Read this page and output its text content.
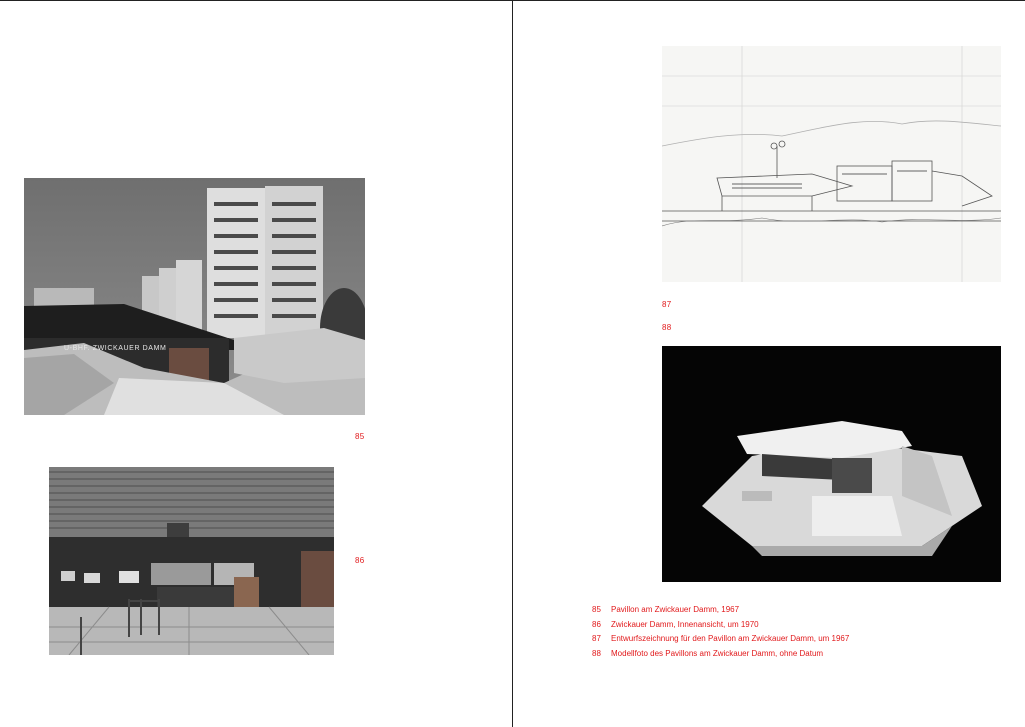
U-BHF. ZWICKAUER DAMM
85
86
87
88
85	Pavillon am Zwickauer Damm, 1967
86	Zwickauer Damm, Innenansicht, um 1970
87	Entwurfszeichnung für den Pavillon am Zwickauer Damm, um 1967
88	Modellfoto des Pavillons am Zwickauer Damm, ohne Datum
